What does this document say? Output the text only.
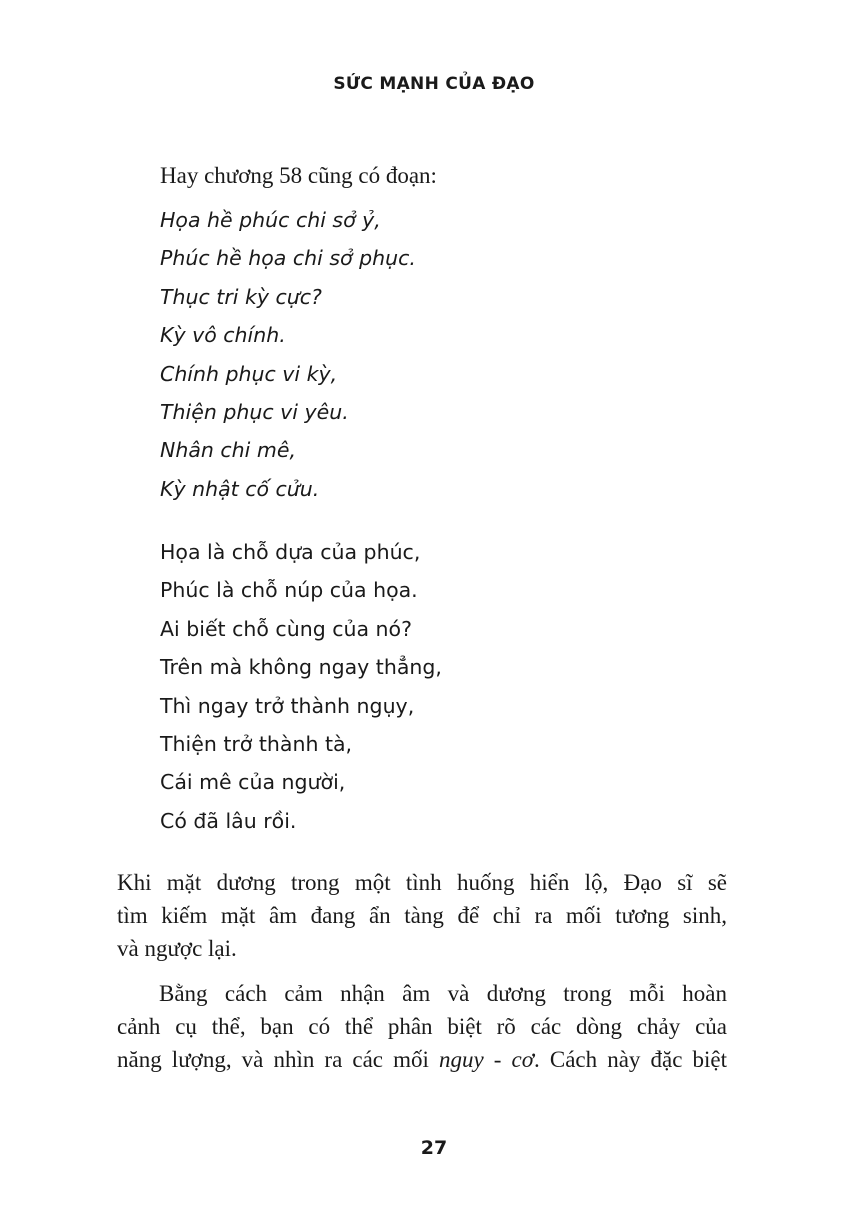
SỨC MẠNH CỦA ĐẠO
Hay chương 58 cũng có đoạn:
Họa hề phúc chi sở ỷ,
Phúc hề họa chi sở phục.
Thục tri kỳ cực?
Kỳ vô chính.
Chính phục vi kỳ,
Thiện phục vi yêu.
Nhân chi mê,
Kỳ nhật cố cửu.
Họa là chỗ dựa của phúc,
Phúc là chỗ núp của họa.
Ai biết chỗ cùng của nó?
Trên mà không ngay thẳng,
Thì ngay trở thành ngụy,
Thiện trở thành tà,
Cái mê của người,
Có đã lâu rồi.

Khi mặt dương trong một tình huống hiển lộ, Đạo sĩ sẽ
tìm kiếm mặt âm đang ẩn tàng để chỉ ra mối tương sinh,
và ngược lại.

Bằng cách cảm nhận âm và dương trong mỗi hoàn
cảnh cụ thể, bạn có thể phân biệt rõ các dòng chảy của
năng lượng, và nhìn ra các mối nguy - cơ. Cách này đặc biệt

27
